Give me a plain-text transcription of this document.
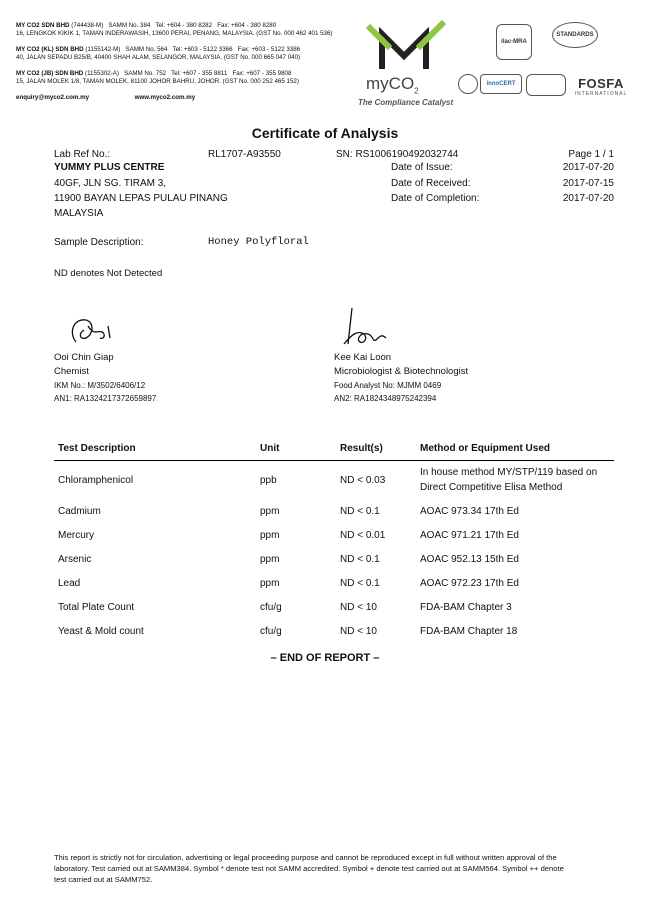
MY CO2 SDN BHD (744438-M) SAMM No. 384 Tel: +604 - 380 8282 Fax: +604 - 380 8280
16, LENGKOK KIKIK 1, TAMAN INDERAWASIH, 13600 PERAI, PENANG, MALAYSIA. (GST No. 000 462 401 536)
MY CO2 (KL) SDN BHD (1155142-M) SAMM No. 564 Tel: +603 - 5122 3366 Fax: +603 - 5122 3386
40, JALAN SEPADU B25/B, 40400 SHAH ALAM, SELANGOR, MALAYSIA. (GST No. 000 665 047 040)
MY CO2 (JB) SDN BHD (1155302-A) SAMM No. 752 Tel: +607 - 355 8811 Fax: +607 - 355 9808
15, JALAN MOLEK 1/8, TAMAN MOLEK, 81100 JOHOR BAHRU, JOHOR. (GST No. 000 252 465 152)
enquiry@myco2.com.my	www.myco2.com.my
myCO$_2$
The Compliance Catalyst
ilac-MRA
STANDARDS
innoCERT	FOSFA
INTERNATIONAL
Certificate of Analysis
Lab Ref No.:	RL1707-A93550	SN: RS1006190492032744	Page 1 / 1
YUMMY PLUS CENTRE
40GF, JLN SG. TIRAM 3,
11900 BAYAN LEPAS PULAU PINANG
MALAYSIA
Date of Issue:	2017-07-20
Date of Received:	2017-07-15
Date of Completion:	2017-07-20
Sample Description:	Honey Polyfloral
ND denotes Not Detected
Ooi Chin Giap
Chemist
IKM No.: M/3502/6406/12
AN1: RA1324217372659897
Kee Kai Loon
Microbiologist & Biotechnologist
Food Analyst No: MJMM 0469
AN2: RA1824348975242394
Test Description	Unit	Result(s)	Method or Equipment Used
Chloramphenicol	ppb	ND < 0.03	In house method MY/STP/119 based on
Direct Competitive Elisa Method

Cadmium	ppm	ND < 0.1	AOAC 973.34 17th Ed
Mercury	ppm	ND < 0.01	AOAC 971.21 17th Ed
Arsenic	ppm	ND < 0.1	AOAC 952.13 15th Ed
Lead	ppm	ND < 0.1	AOAC 972.23 17th Ed
Total Plate Count	cfu/g	ND < 10	FDA-BAM Chapter 3
Yeast & Mold count	cfu/g	ND < 10	FDA-BAM Chapter 18
– END OF REPORT –
This report is strictly not for circulation, advertising or legal proceeding purpose and cannot be reproduced except in full without written approval of the
laboratory. Test carried out at SAMM384. Symbol * denote test not SAMM accredited. Symbol + denote test carried out at SAMM564. Symbol ++ denote
test carried out at SAMM752.
